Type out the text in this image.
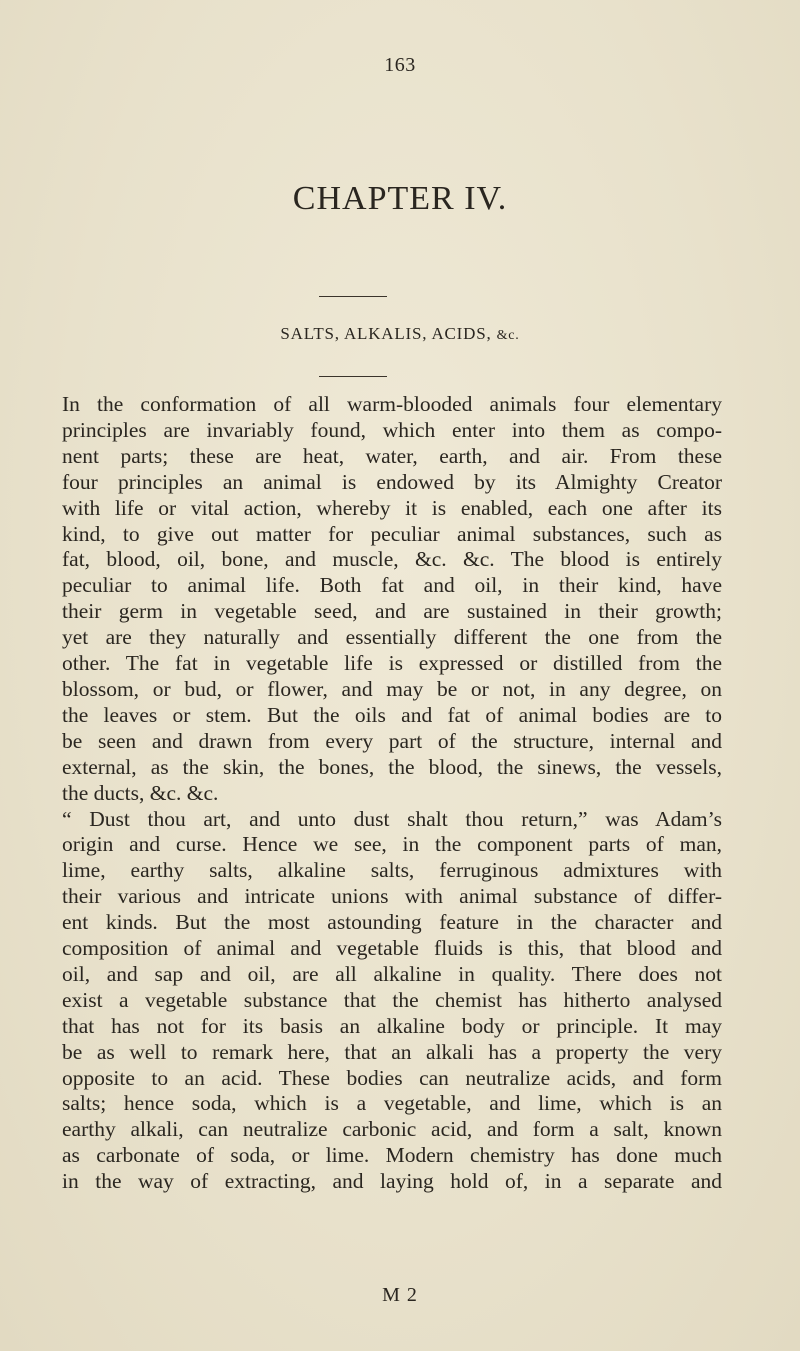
163
CHAPTER IV.
SALTS, ALKALIS, ACIDS, &c.
In the conformation of all warm-blooded animals four elementary
principles are invariably found, which enter into them as compo-
nent parts; these are heat, water, earth, and air. From these
four principles an animal is endowed by its Almighty Creator
with life or vital action, whereby it is enabled, each one after its
kind, to give out matter for peculiar animal substances, such as
fat, blood, oil, bone, and muscle, &c. &c. The blood is entirely
peculiar to animal life. Both fat and oil, in their kind, have
their germ in vegetable seed, and are sustained in their growth;
yet are they naturally and essentially different the one from the
other. The fat in vegetable life is expressed or distilled from the
blossom, or bud, or flower, and may be or not, in any degree, on
the leaves or stem. But the oils and fat of animal bodies are to
be seen and drawn from every part of the structure, internal and
external, as the skin, the bones, the blood, the sinews, the vessels,
the ducts, &c. &c.
“ Dust thou art, and unto dust shalt thou return,” was Adam’s
origin and curse. Hence we see, in the component parts of man,
lime, earthy salts, alkaline salts, ferruginous admixtures with
their various and intricate unions with animal substance of differ-
ent kinds. But the most astounding feature in the character and
composition of animal and vegetable fluids is this, that blood and
oil, and sap and oil, are all alkaline in quality. There does not
exist a vegetable substance that the chemist has hitherto analysed
that has not for its basis an alkaline body or principle. It may
be as well to remark here, that an alkali has a property the very
opposite to an acid. These bodies can neutralize acids, and form
salts; hence soda, which is a vegetable, and lime, which is an
earthy alkali, can neutralize carbonic acid, and form a salt, known
as carbonate of soda, or lime. Modern chemistry has done much
in the way of extracting, and laying hold of, in a separate and
M 2
